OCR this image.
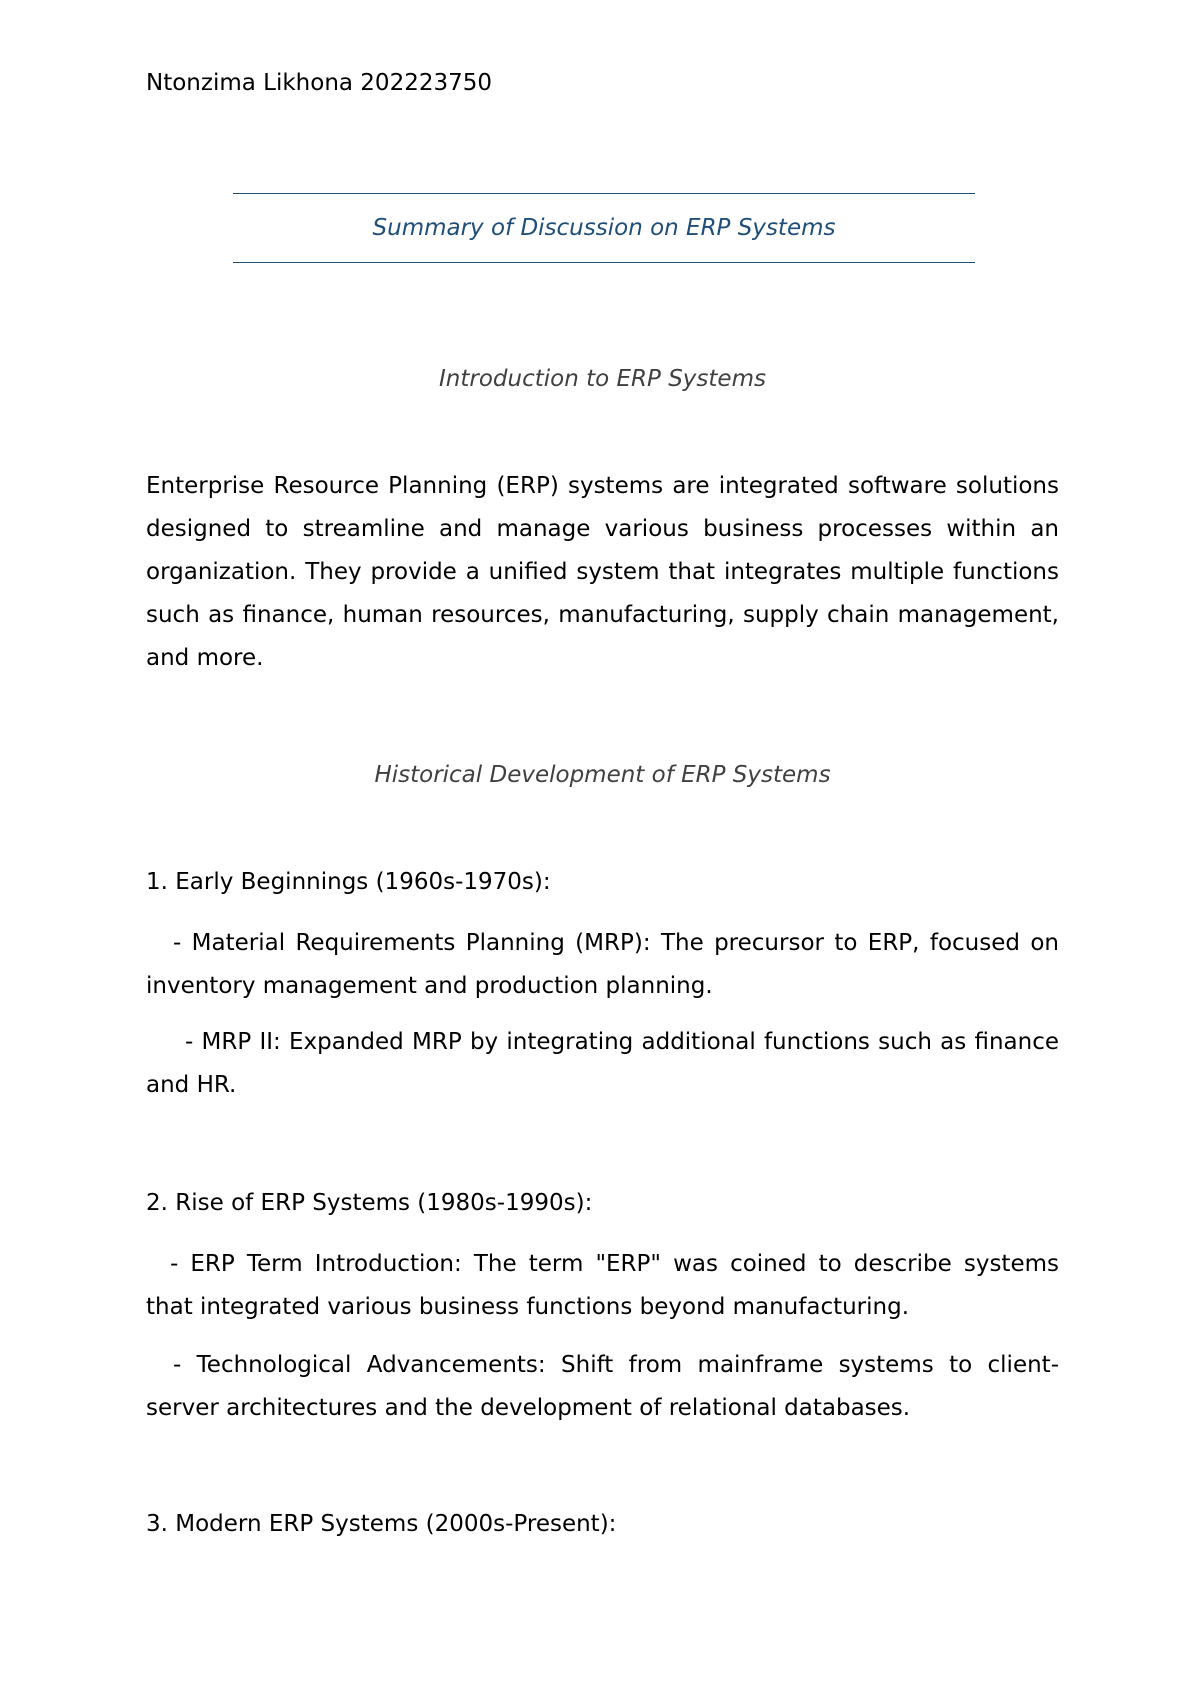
Ntonzima Likhona 202223750
Summary of Discussion on ERP Systems
Introduction to ERP Systems

Enterprise Resource Planning (ERP) systems are integrated software solutions designed to streamline and manage various business processes within an organization. They provide a unified system that integrates multiple functions such as finance, human resources, manufacturing, supply chain management, and more.

Historical Development of ERP Systems
1. Early Beginnings (1960s-1970s):

- Material Requirements Planning (MRP): The precursor to ERP, focused on inventory management and production planning.

- MRP II: Expanded MRP by integrating additional functions such as finance and HR.

2. Rise of ERP Systems (1980s-1990s):

- ERP Term Introduction: The term "ERP" was coined to describe systems that integrated various business functions beyond manufacturing.

- Technological Advancements: Shift from mainframe systems to client-server architectures and the development of relational databases.

3. Modern ERP Systems (2000s-Present):
